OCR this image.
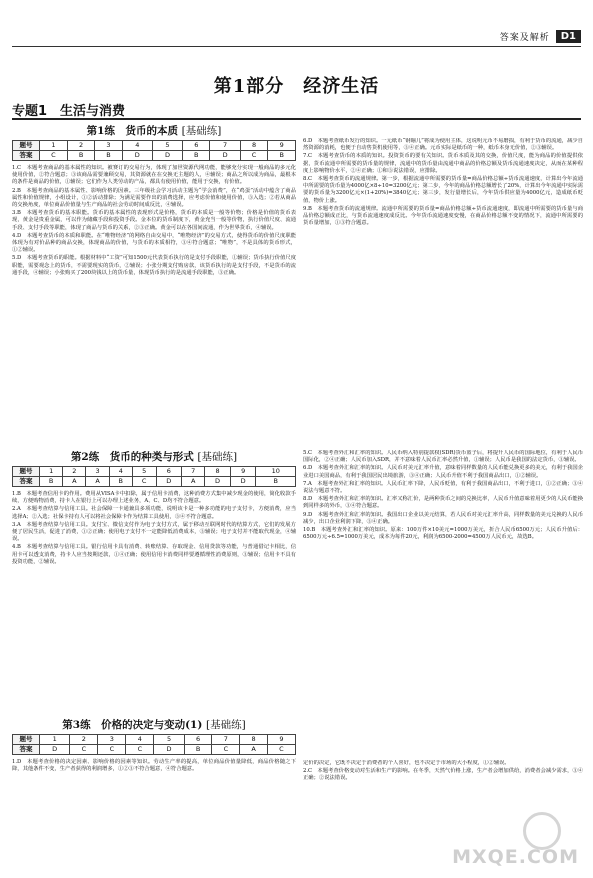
答案及解析	D1
第1部分　经济生活
专题1　生活与消费
第1练　货币的本质 [基础练]
题号	1	2	3	4	5	6	7	8	9
答案	C	B	B	D	D	B	D	C	B

1.C　本题考查商品的基本属性的知识。被赛订的交易行为，体现了加世资源代网功能，能够充分实现一般商品的多元化使用价值，②符合题意；③该商品需要兼顾交易，其资源就在在交换无主题的人，④辅误；商品之所以成为商品，最根本的条件是商品的价值，①辅误；它们作为人类劳动的产品，都具有使用价值，能用于交换，有价值。

2.B　本题考查商品的基本属性、影响价格的因素。三年级社会学习活动主题为“学会消费”，在“鸡蛋”活动中蕴含了商品属性和价值规律，小组设计，①②活动排除；为满足需要作出的消费选择，应考虑价值和使用价值，③入选；②若从商品的交换角度，单位商品价值量与生产商品的社会劳动时间成反比，④辅误。

3.B　本题考查货币的基本职能。货币的基本属性的表现形式是价格，货币的本质是一般等价物；价格是价值的货币表现，黄金是贵重金属，可以作为储藏手段和投资手段。金本位的货币制度下，黄金充当一般等价物，执行价值尺度、流通手段、支付手段等职能，体现了商品与货币的关系，②③正确。黄金可以在各国间流通，作为世界货币，④辅误。

4.D　本题考查货币的本质和职能。在“唯物经济”的网络自由交易中，“唯物经济”的交易方式，使得货币的价值尺度职能体现为有对价品种的商品交换，体现商品的价值，与货币的本质相符，③④符合题意；“唯物”，不是具体的货币形式，①②辅误。

5.D　本题考查货币的职能。根据材料中“工资”可知1500元代表货币执行的是支付手段职能，①辅误；货币执行价值尺度职能，需要观念上的货币，不需要现实的货币，②辅误；小张分期支付购房款，该货币执行的是支付手段，不是货币的流通手段，④辅误；小张购买了200块钱以上的货币量，体现货币执行的是流通手段职能，③正确。

6.D　本题考查纸币发行的知识。一元纸币“钢镚儿”将成为使用主体，这说明元币不易磨损，有利于货币的流通，减少自然资源的消耗，也便于自动售货机使用等，③④正确。元币实际是纸币的一种，纸币本身无价值，②③辅误。

7.C　本题考查货币的本质的知识。投资货币的要有关知识。货币本质及其的交换，价值尺度，能为商品的价值提供依据，货币流通中所需要的货币量的规律，流通中的货币量由流通中商品的价格总额及货币流通速度决定，从而在某种程度上影响物价水平，②④正确；①和③说法错误，应排除。

8.C　本题考查货币的流通规律。第一步，根据流通中所需要的货币量=商品价格总额÷货币流通速度，计算出今年流通中所需要的货币量为4000亿×8÷10=3200亿元；第二步，今年的商品价格总额增长了20%，计算出今年流通中实际需要的货币量为3200亿元×(1+20%)=3840亿元；第三步，发行量增长后，今年货币供应量为4000亿元，造成纸币贬值，物价上涨。

9.B　本题考查货币的流通规律。流通中所需要的货币量=商品价格总额÷货币流通速度，即流通中所需要的货币量与商品价格总额成正比，与货币流通速度成反比。今年货币流通速度变慢，在商品价格总额不变的情况下，流通中所需要的货币量增加，①③符合题意。

第2练　货币的种类与形式 [基础练]
题号	1	2	3	4	5	6	7	8	9	10
答案	B	A	A	B	C	D	A	D	D	B

1.B　本题考查信用卡的作用。费用从VISA卡中扣除，属于信用卡消费，这种消费方式集中减少现金的使用，简化收款手续，方便购物消费，持卡人在银行上可以办理上述业务，A、C、D均不符合题意。

2.A　本题考查结算与信用工具。社会保障一卡通兼具多项功能，说明该卡是一种多功能的电子支付卡，方便消费，应当选择A；②入选；社保卡持有人可以将社会保障卡作为结算工具使用，③④不符合题意。

3.A　本题考查结算与信用工具。支付宝、微信支付作为电子支付方式，属于移动互联网时代的结算方式，它们的发展方便了居民生活，促进了消费，①②正确；使用电子支付不一定能降低消费成本，③辅误；电子支付并不能取代现金，④辅误。

4.B　本题考查结算与信用工具。银行信用卡具有消费、转账结算、存取现金、信用贷款等功能，与普通借记卡相比，信用卡可以透支消费，持卡人应当按期还款，①④正确；使用信用卡消费同样要遵循理性消费原则，③辅误；信用卡不具有投资功能，②辅误。

5.C　本题考查外汇和汇率的知识。人民币纳入特别提款权(SDR)货币篮子后，将提升人民币的国际地位，有利于人民币国际化，②④正确；人民币加入SDR，并不意味着人民币汇率必然升值，①辅误；人民币是我国的法定货币，③辅误。

6.D　本题考查外汇和汇率的知识。人民币对美元汇率升值，意味着同样数量的人民币能兑换更多的美元，有利于我国企业进口美国商品，有利于我国居民出境旅游，③④正确；人民币升值不利于我国商品出口，①②辅误。

7.A　本题考查外汇和汇率的知识。人民币汇率下降，人民币贬值，有利于我国商品出口，不利于进口，①②正确；③④说法与题意不符。

8.D　本题考查外汇和汇率的知识。汇率又称汇价，是两种货币之间的兑换比率，人民币升值意味着用更少的人民币能换到同样多的外币，③④符合题意。

9.D　本题考查外汇和汇率的知识。我国出口企业以美元结算，若人民币对美元汇率升高，同样数量的美元兑换的人民币减少，出口企业利润下降，③④正确。

10.B　本题考查外汇和汇率的知识。原来：100万件×10美元=1000万美元，折合人民币6500万元；人民币升值后：6500万元÷6.5=1000万美元，成本为每件20元，利润为6500-2000=4500万人民币元，故选B。

第3练　价格的决定与变动(1) [基础练]
题号	1	2	3	4	5	6	7	8	9
答案	D	C	C	C	D	B	C	A	C

1.D　本题考查价格的决定因素、影响价格的因素等知识。劳动生产率的提高，单位商品价值量降低，商品价格随之下降，其他条件不变，生产者获得的利润增多，①②③不符合题意，④符合题意。

定价的决定，它既不决定于消费者的个人喜好，也不决定于市场的大小程度，①②辅误。

2.C　本题考查价格变动对生活和生产的影响。在冬季，天然气价格上涨，生产者会增加供给，消费者会减少需求，③④正确；②说法错误。

MXQE.COM
